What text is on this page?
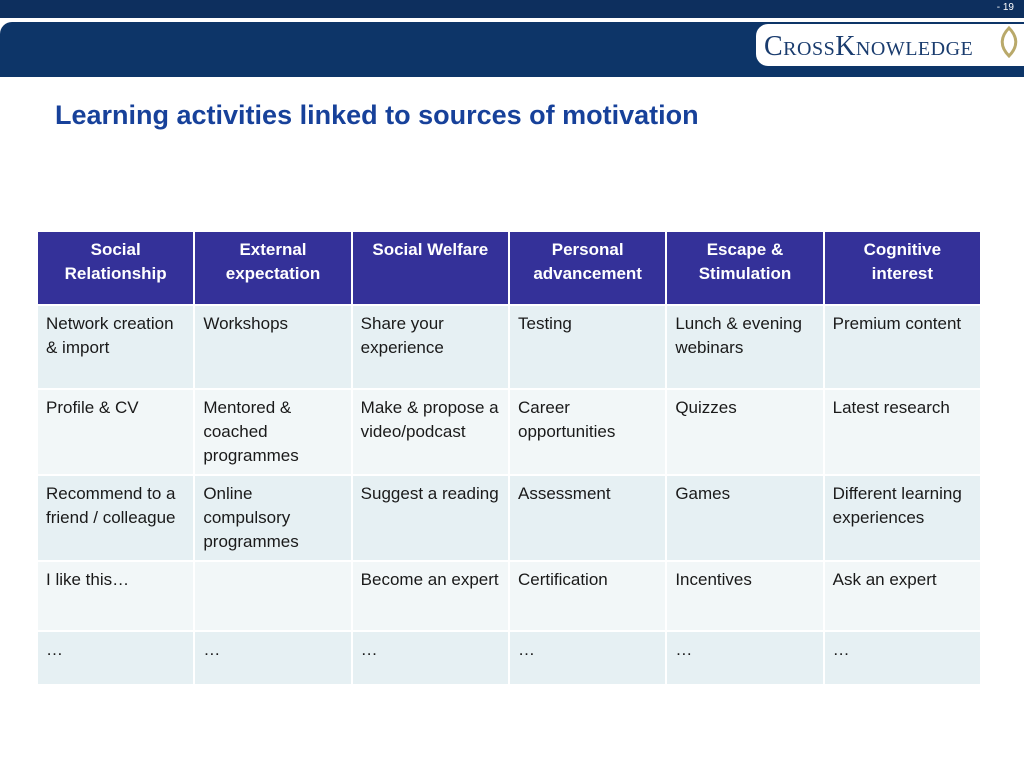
- 19
CrossKnowledge
Learning activities linked to sources of motivation
Social Relationship	External expectation	Social Welfare	Personal advancement	Escape & Stimulation	Cognitive interest
Network creation & import	Workshops	Share your experience	Testing	Lunch & evening webinars	Premium content
Profile & CV	Mentored & coached programmes	Make & propose a video/podcast	Career opportunities	Quizzes	Latest research
Recommend to a friend / colleague	Online compulsory programmes	Suggest a reading	Assessment	Games	Different learning experiences
I like this…		Become an expert	Certification	Incentives	Ask an expert
…	…	…	…	…	…
